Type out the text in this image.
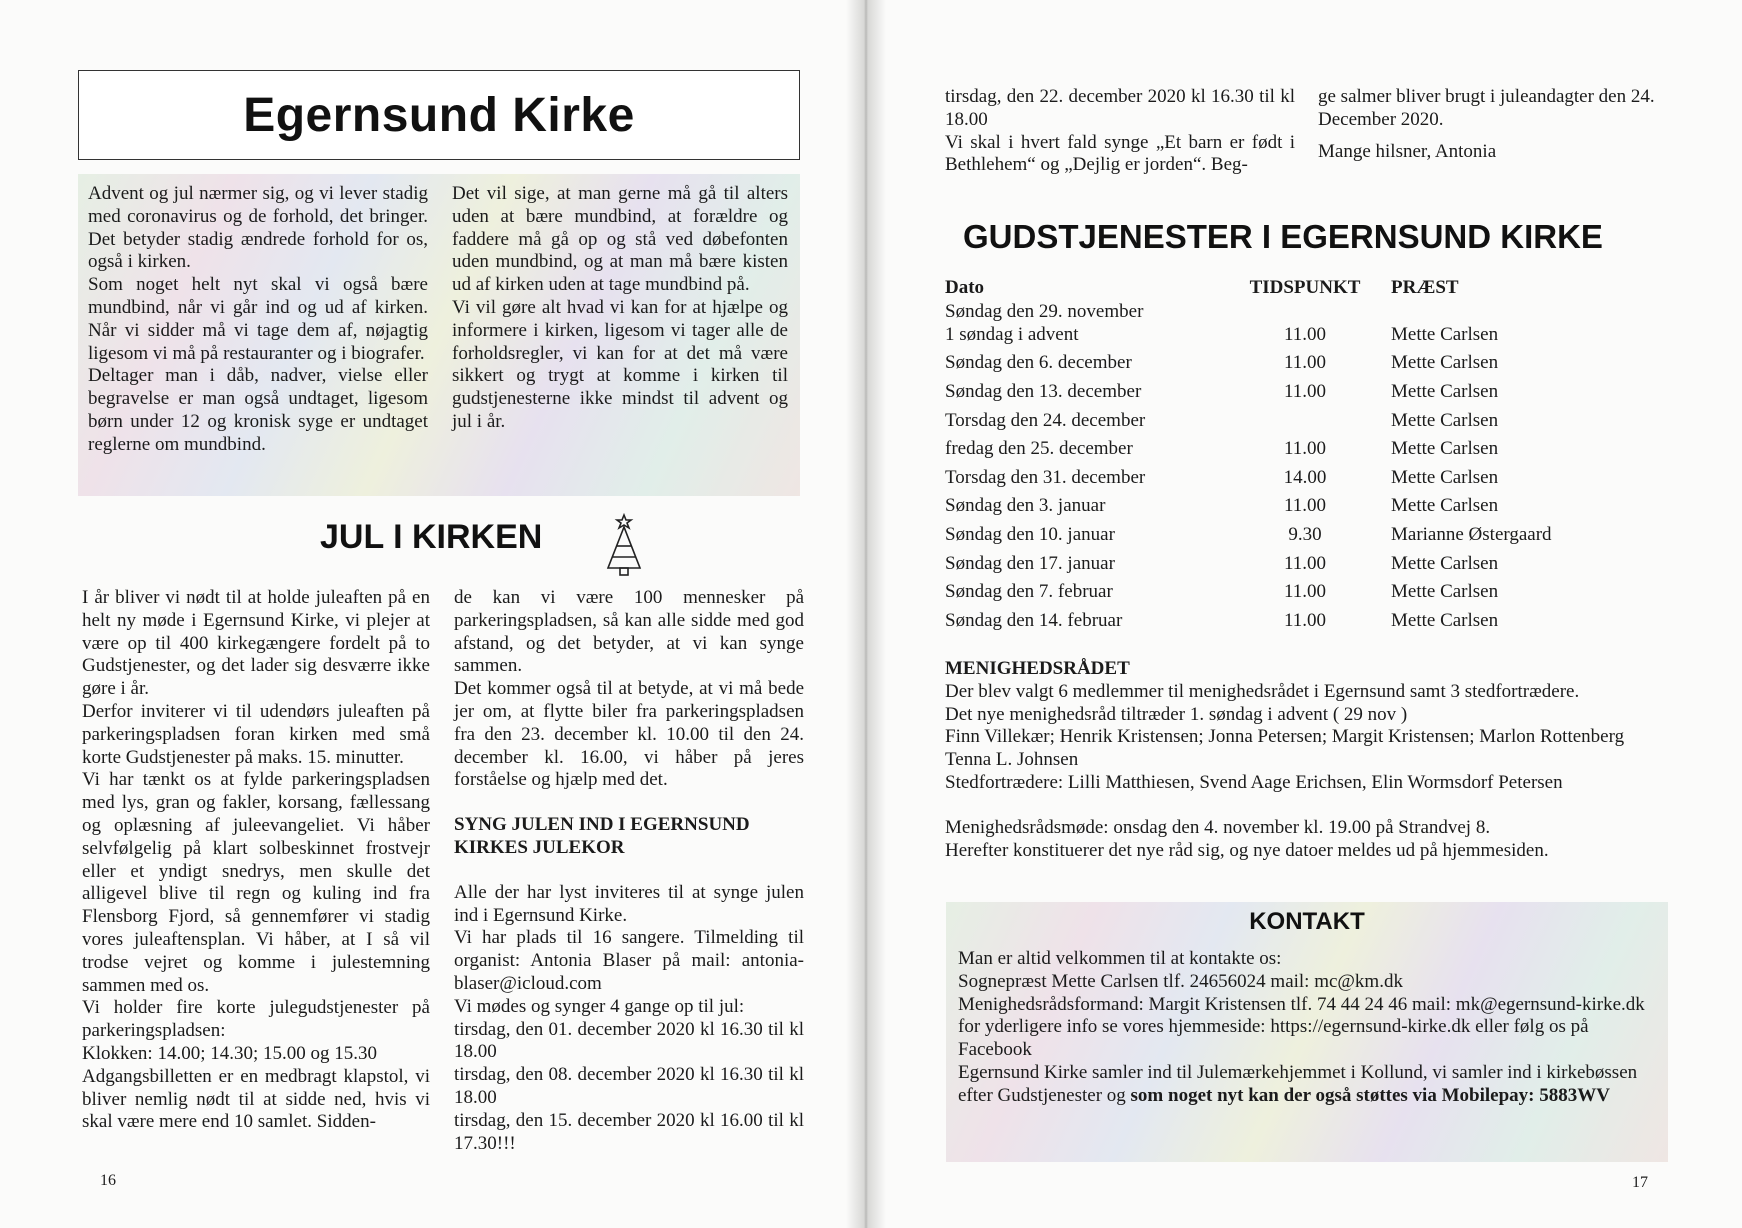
Egernsund Kirke

Advent og jul nærmer sig, og vi lever stadig med coronavirus og de forhold, det bringer. Det betyder stadig ændrede forhold for os, også i kirken.

Som noget helt nyt skal vi også bære mundbind, når vi går ind og ud af kirken. Når vi sidder må vi tage dem af, nøjagtig ligesom vi må på restauranter og i biografer.

Deltager man i dåb, nadver, vielse eller begravelse er man også undtaget, ligesom børn under 12 og kronisk syge er undtaget reglerne om mundbind.

Det vil sige, at man gerne må gå til alters uden at bære mundbind, at forældre og faddere må gå op og stå ved døbefonten uden mundbind, og at man må bære kisten ud af kirken uden at tage mundbind på.

Vi vil gøre alt hvad vi kan for at hjælpe og informere i kirken, ligesom vi tager alle de forholdsregler, vi kan for at det må være sikkert og trygt at komme i kirken til gudstjenesterne ikke mindst til advent og jul i år.

JUL I KIRKEN

I år bliver vi nødt til at holde juleaften på en helt ny møde i Egernsund Kirke, vi plejer at være op til 400 kirkegængere fordelt på to Gudstjenester, og det lader sig desværre ikke gøre i år.

Derfor inviterer vi til udendørs juleaften på parkeringspladsen foran kirken med små korte Gudstjenester på maks. 15. minutter.

Vi har tænkt os at fylde parkeringspladsen med lys, gran og fakler, korsang, fællessang og oplæsning af juleevangeliet. Vi håber selvfølgelig på klart solbeskinnet frostvejr eller et yndigt snedrys, men skulle det alligevel blive til regn og kuling ind fra Flensborg Fjord, så gennemfører vi stadig vores juleaftensplan. Vi håber, at I så vil trodse vejret og komme i julestemning sammen med os.

Vi holder fire korte julegudstjenester på parkeringspladsen:

Klokken: 14.00; 14.30; 15.00 og 15.30

Adgangsbilletten er en medbragt klapstol, vi bliver nemlig nødt til at sidde ned, hvis vi skal være mere end 10 samlet. Sidden-

de kan vi være 100 mennesker på parkeringspladsen, så kan alle sidde med god afstand, og det betyder, at vi kan synge sammen.

Det kommer også til at betyde, at vi må bede jer om, at flytte biler fra parkeringspladsen fra den 23. december kl. 10.00 til den 24. december kl. 16.00, vi håber på jeres forståelse og hjælp med det.

SYNG JULEN IND I EGERNSUND KIRKES JULEKOR

Alle der har lyst inviteres til at synge julen ind i Egernsund Kirke.

Vi har plads til 16 sangere. Tilmelding til organist: Antonia Blaser på mail: antonia-blaser@icloud.com

Vi mødes og synger 4 gange op til jul:

tirsdag, den 01. december 2020 kl 16.30 til kl 18.00

tirsdag, den 08. december 2020 kl 16.30 til kl 18.00

tirsdag, den 15. december 2020 kl 16.00 til kl 17.30!!!

16

tirsdag, den 22. december 2020 kl 16.30 til kl 18.00

Vi skal i hvert fald synge „Et barn er født i Bethlehem“ og „Dejlig er jorden“. Beg-

ge salmer bliver brugt i juleandagter den 24. December 2020.

Mange hilsner, Antonia

GUDSTJENESTER I EGERNSUND KIRKE
Dato	TIDSPUNKT	PRÆST
Søndag den 29. november		
1 søndag i advent	11.00	Mette Carlsen
Søndag den 6. december	11.00	Mette Carlsen
Søndag den 13. december	11.00	Mette Carlsen
Torsdag den 24. december		Mette Carlsen
fredag den 25. december	11.00	Mette Carlsen
Torsdag den 31. december	14.00	Mette Carlsen
Søndag den 3. januar	11.00	Mette Carlsen
Søndag den 10. januar	9.30	Marianne Østergaard
Søndag den 17. januar	11.00	Mette Carlsen
Søndag den 7. februar	11.00	Mette Carlsen
Søndag den 14. februar	11.00	Mette Carlsen

MENIGHEDSRÅDET

Der blev valgt 6 medlemmer til menighedsrådet i Egernsund samt 3 stedfortrædere.

Det nye menighedsråd tiltræder 1. søndag i advent ( 29 nov )

Finn Villekær; Henrik Kristensen; Jonna Petersen; Margit Kristensen; Marlon Rottenberg

Tenna L. Johnsen

Stedfortrædere: Lilli Matthiesen, Svend Aage Erichsen, Elin Wormsdorf Petersen

Menighedsrådsmøde: onsdag den 4. november kl. 19.00 på Strandvej 8.

Herefter konstituerer det nye råd sig, og nye datoer meldes ud på hjemmesiden.

KONTAKT

Man er altid velkommen til at kontakte os:

Sognepræst Mette Carlsen tlf. 24656024 mail: mc@km.dk

Menighedsrådsformand: Margit Kristensen tlf. 74 44 24 46 mail: mk@egernsund-kirke.dk

for yderligere info se vores hjemmeside: https://egernsund-kirke.dk eller følg os på Facebook

Egernsund Kirke samler ind til Julemærkehjemmet i Kollund, vi samler ind i kirkebøssen efter Gudstjenester og som noget nyt kan der også støttes via Mobilepay: 5883WV

17
